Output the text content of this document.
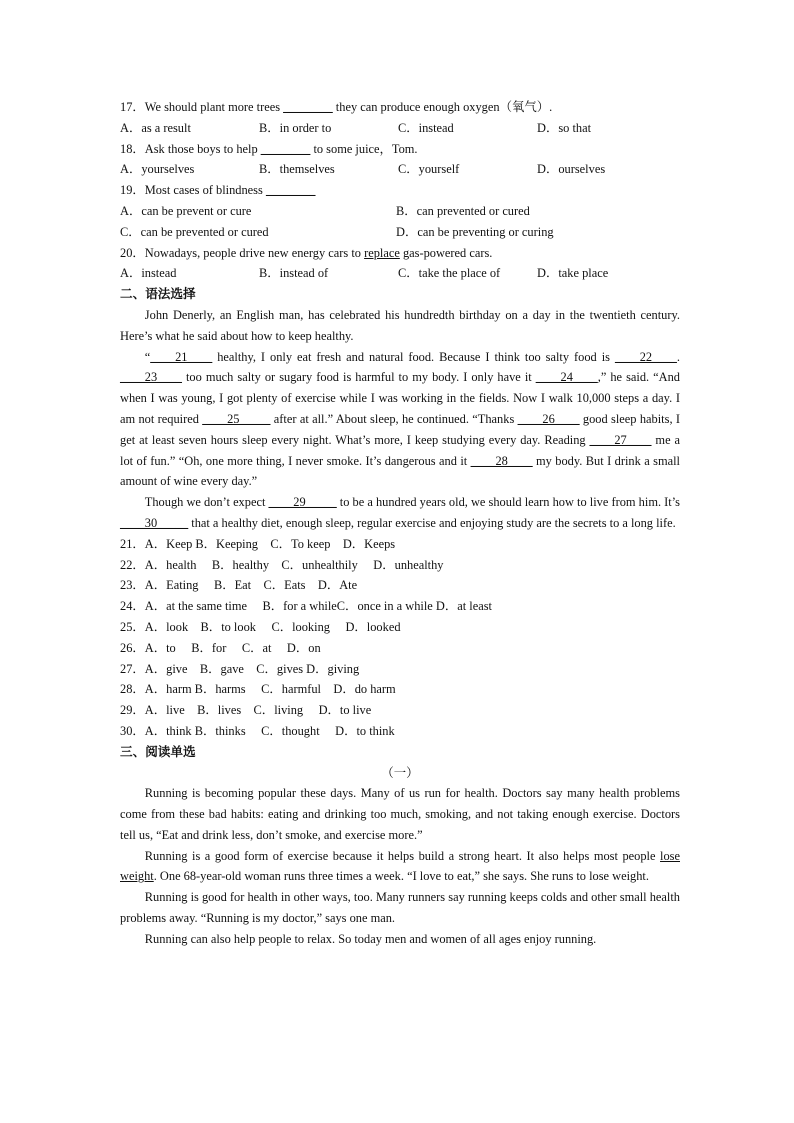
17．We should plant more trees ________ they can produce enough oxygen（氧气）.
A．as a result	B．in order to	C．instead	D．so that
18．Ask those boys to help ________ to some juice，Tom.
A．yourselves	B．themselves	C．yourself	D．ourselves
19．Most cases of blindness ________
A．can be prevent or cure	B．can prevented or cured
C．can be prevented or cured	D．can be preventing or curing
20．Nowadays, people drive new energy cars to replace gas-powered cars.
A．instead	B．instead of	C．take the place of	D．take place
二、语法选择

John Denerly, an English man, has celebrated his hundredth birthday on a day in the twentieth century. Here’s what he said about how to keep healthy.

“____21____ healthy, I only eat fresh and natural food. Because I think too salty food is ____22____. ____23____ too much salty or sugary food is harmful to my body. I only have it ____24____,” he said. “And when I was young, I got plenty of exercise while I was working in the fields. Now I walk 10,000 steps a day. I am not required ____25_____ after at all.” About sleep, he continued. “Thanks ____26____ good sleep habits, I get at least seven hours sleep every night. What’s more, I keep studying every day. Reading ____27____ me a lot of fun.” “Oh, one more thing, I never smoke. It’s dangerous and it ____28____ my body. But I drink a small amount of wine every day.”

Though we don’t expect ____29_____ to be a hundred years old, we should learn how to live from him. It’s ____30_____ that a healthy diet, enough sleep, regular exercise and enjoying study are the secrets to a long life.

21．A．Keep B．Keeping　C．To keep　D．Keeps
22．A．health　 B．healthy　C．unhealthily　 D．unhealthy
23．A．Eating　 B．Eat　C．Eats　D．Ate
24．A．at the same time　 B．for a whileC．once in a while D．at least
25．A．look　B．to look　 C．looking　 D．looked
26．A．to　 B．for　 C．at　 D．on
27．A．give　B．gave　C．gives D．giving
28．A．harm B．harms　 C．harmful　D．do harm
29．A．live　B．lives　C．living　 D．to live
30．A．think B．thinks　 C．thought　 D．to think
三、阅读单选
（一）

Running is becoming popular these days. Many of us run for health. Doctors say many health problems come from these bad habits: eating and drinking too much, smoking, and not taking enough exercise. Doctors tell us, “Eat and drink less, don’t smoke, and exercise more.”

Running is a good form of exercise because it helps build a strong heart. It also helps most people lose weight. One 68-year-old woman runs three times a week. “I love to eat,” she says. She runs to lose weight.

Running is good for health in other ways, too. Many runners say running keeps colds and other small health problems away. “Running is my doctor,” says one man.

Running can also help people to relax. So today men and women of all ages enjoy running.
